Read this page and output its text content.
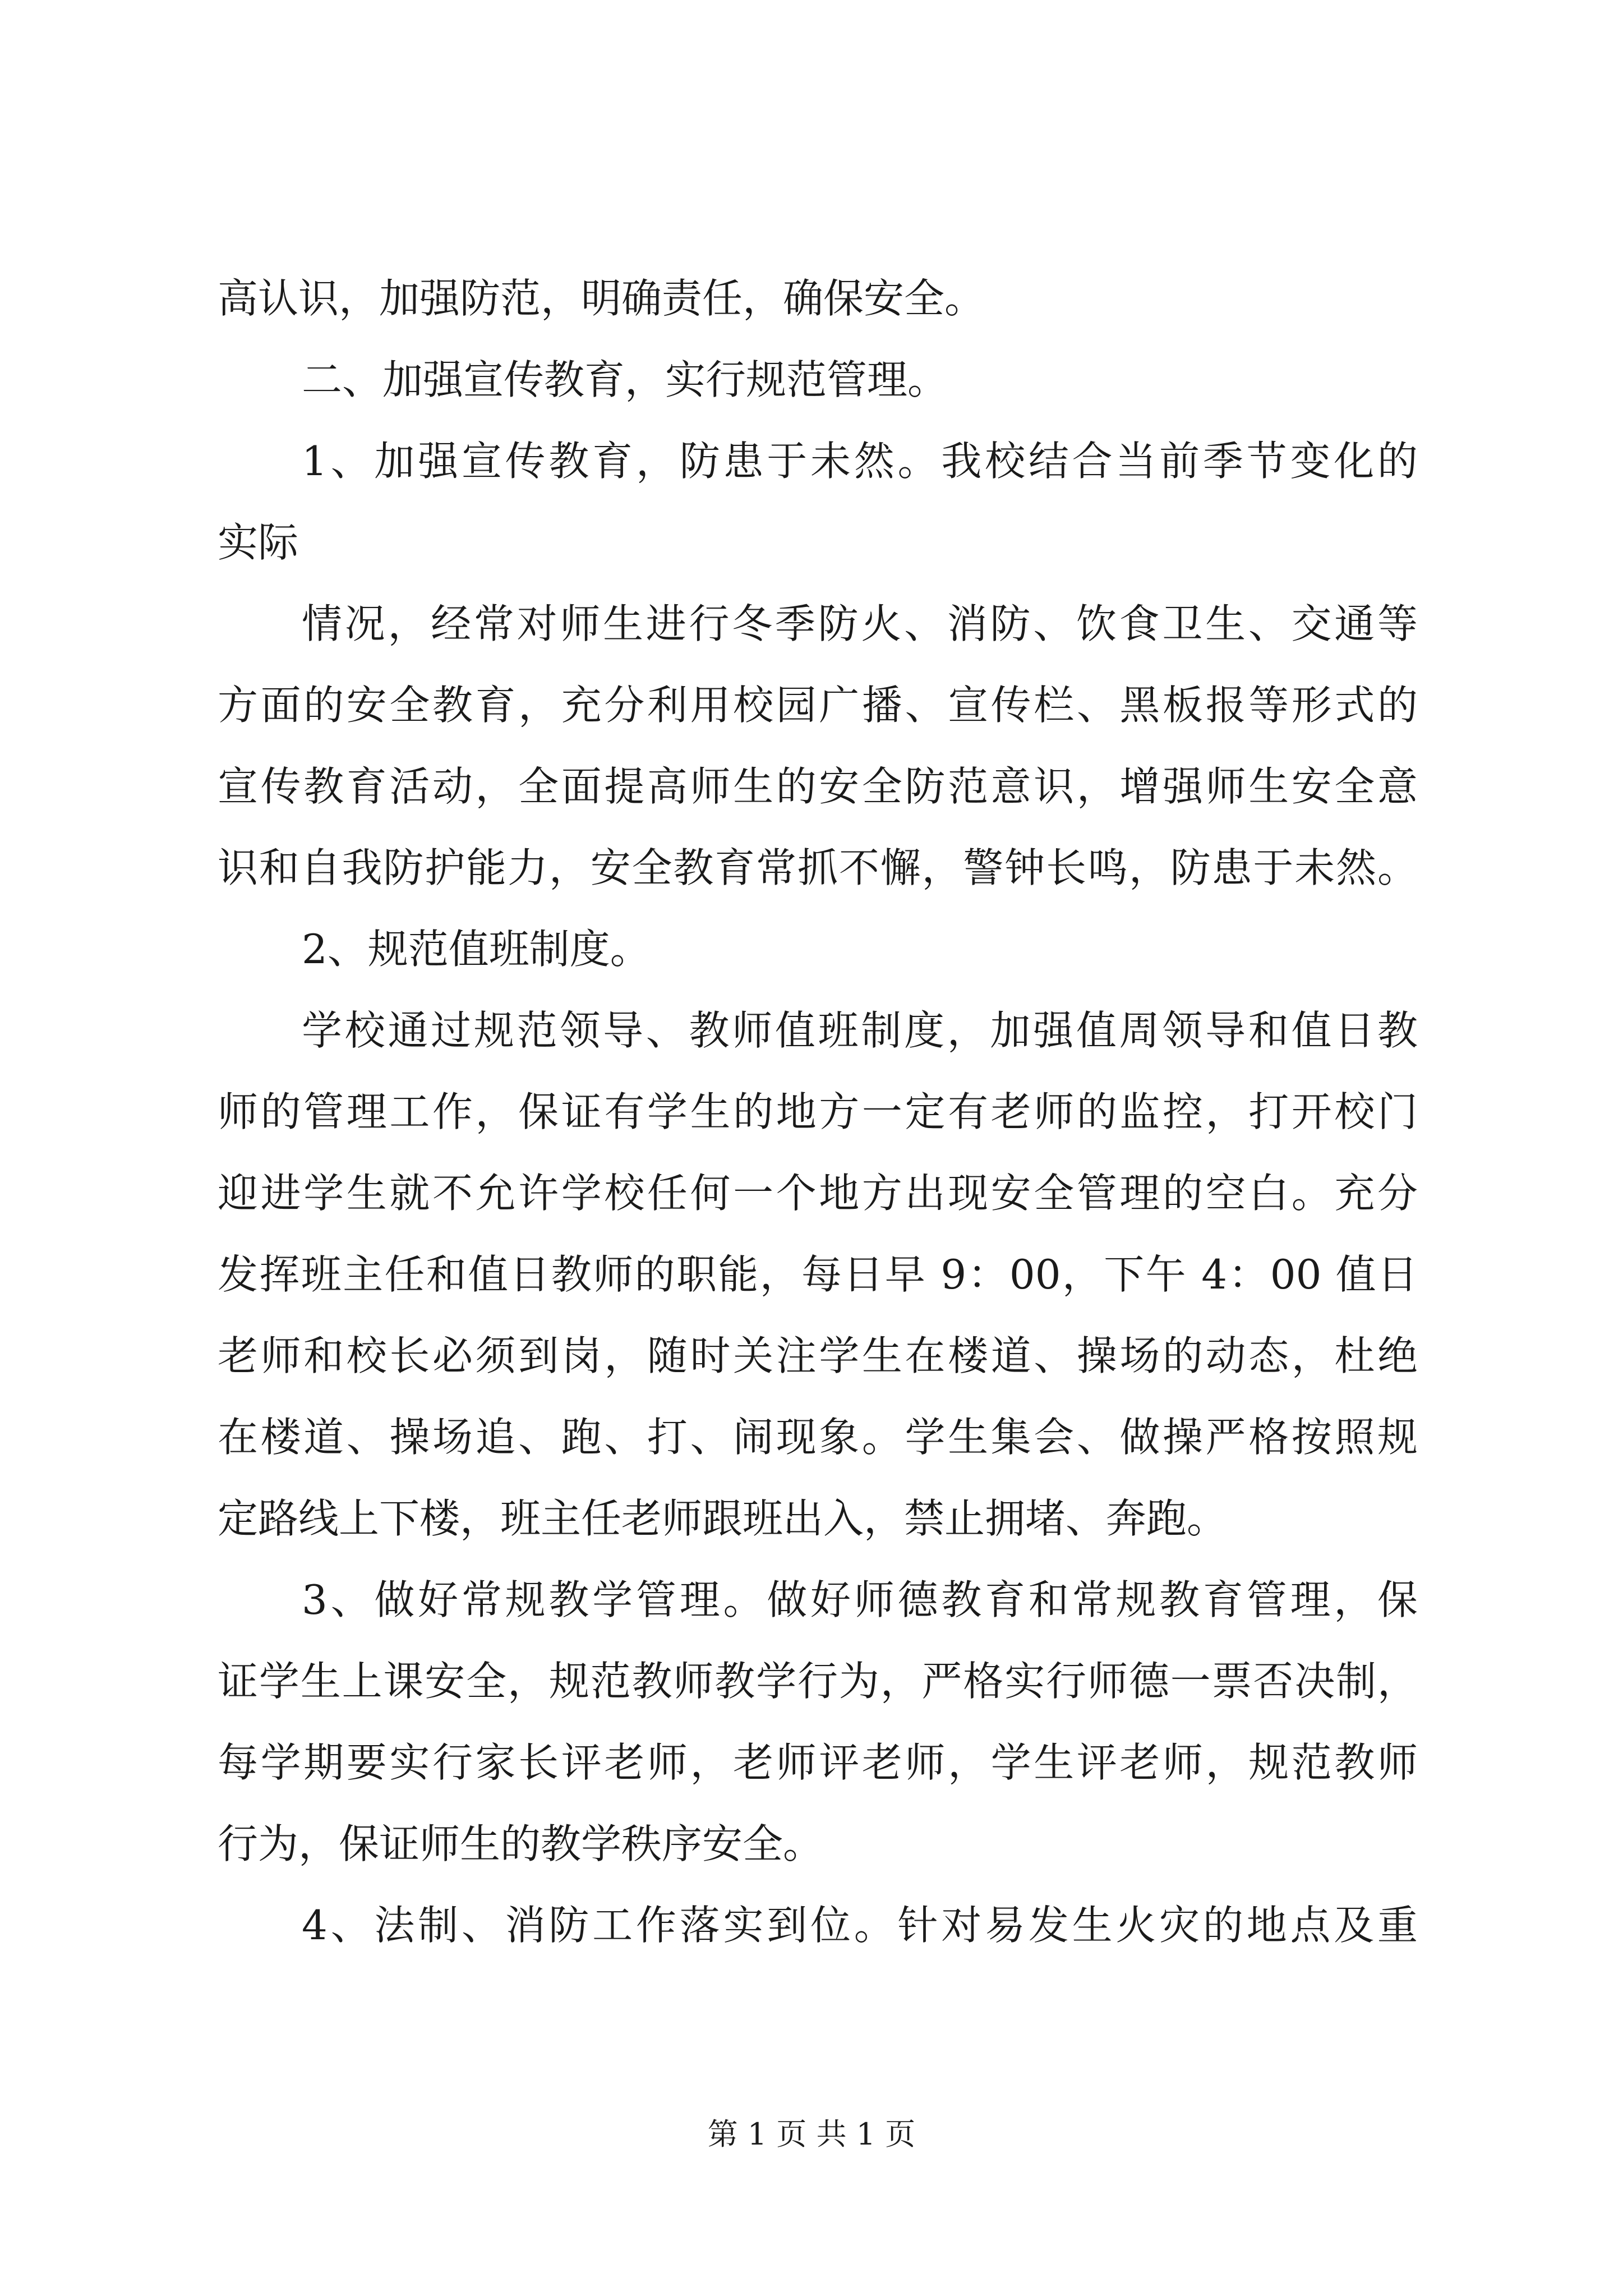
高认识，加强防范，明确责任，确保安全。
二、加强宣传教育，实行规范管理。
1、加强宣传教育，防患于未然。我校结合当前季节变化的
实际
情况，经常对师生进行冬季防火、消防、饮食卫生、交通等
方面的安全教育，充分利用校园广播、宣传栏、黑板报等形式的
宣传教育活动，全面提高师生的安全防范意识，增强师生安全意
识和自我防护能力，安全教育常抓不懈，警钟长鸣，防患于未然。
2、规范值班制度。
学校通过规范领导、教师值班制度，加强值周领导和值日教
师的管理工作，保证有学生的地方一定有老师的监控，打开校门
迎进学生就不允许学校任何一个地方出现安全管理的空白。充分
发挥班主任和值日教师的职能，每日早 9：00，下午 4：00 值日
老师和校长必须到岗，随时关注学生在楼道、操场的动态，杜绝
在楼道、操场追、跑、打、闹现象。学生集会、做操严格按照规
定路线上下楼，班主任老师跟班出入，禁止拥堵、奔跑。
3、做好常规教学管理。做好师德教育和常规教育管理，保
证学生上课安全，规范教师教学行为，严格实行师德一票否决制，
每学期要实行家长评老师，老师评老师，学生评老师，规范教师
行为，保证师生的教学秩序安全。
4、法制、消防工作落实到位。针对易发生火灾的地点及重
第 1 页 共 1 页
